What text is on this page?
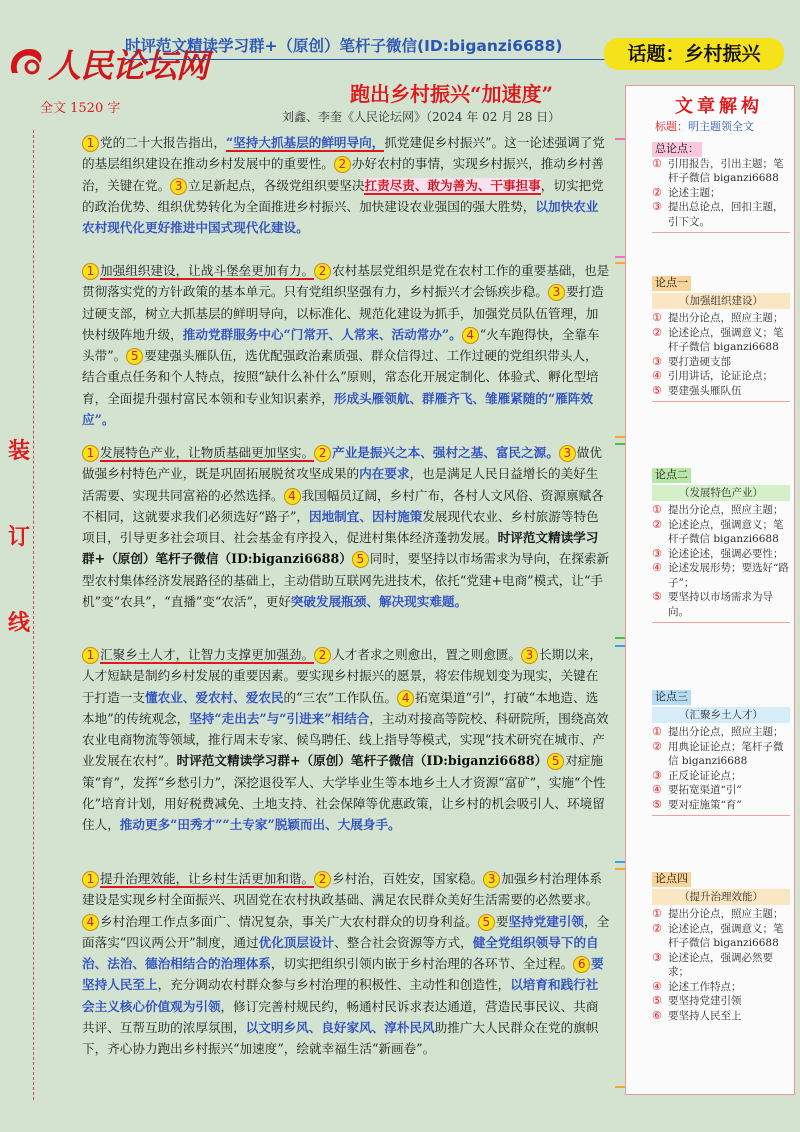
人民论坛网
时评范文精读学习群+（原创）笔杆子微信(ID:biganzi6688)	话题：乡村振兴
全文 1520 字
跑出乡村振兴“加速度”
刘鑫、李奎《人民论坛网》（2024 年 02 月 28 日）
装
订
线

1 党的二十大报告指出，“坚持大抓基层的鲜明导向，抓党建促乡村振兴”。这一论述强调了党的基层组织建设在推动乡村发展中的重要性。 2 办好农村的事情，实现乡村振兴，推动乡村善治，关键在党。 3 立足新起点，各级党组织要坚决扛责尽责、敢为善为、干事担事，切实把党的政治优势、组织优势转化为全面推进乡村振兴、加快建设农业强国的强大胜势，以加快农业农村现代化更好推进中国式现代化建设。

1 加强组织建设，让战斗堡垒更加有力。 2 农村基层党组织是党在农村工作的重要基础，也是贯彻落实党的方针政策的基本单元。只有党组织坚强有力，乡村振兴才会铄疾步稳。 3 要打造过硬支部，树立大抓基层的鲜明导向，以标准化、规范化建设为抓手，加强党员队伍管理，加快村级阵地升级，推动党群服务中心“门常开、人常来、活动常办”。 4 “火车跑得快，全靠车头带”。 5 要建强头雁队伍，选优配强政治素质强、群众信得过、工作过硬的党组织带头人，结合重点任务和个人特点，按照“缺什么补什么”原则，常态化开展定制化、体验式、孵化型培育，全面提升强村富民本领和专业知识素养，形成头雁领航、群雁齐飞、雏雁紧随的“雁阵效应”。

1 发展特色产业，让物质基础更加坚实。 2 产业是振兴之本、强村之基、富民之源。 3 做优做强乡村特色产业，既是巩固拓展脱贫攻坚成果的内在要求，也是满足人民日益增长的美好生活需要、实现共同富裕的必然选择。 4 我国幅员辽阔，乡村广布，各村人文风俗、资源禀赋各不相同，这就要求我们必须选好“路子”，因地制宜、因村施策发展现代农业、乡村旅游等特色项目，引导更多社会项目、社会基金有序投入，促进村集体经济蓬勃发展。时评范文精读学习群+（原创）笔杆子微信（ID:biganzi6688） 5 同时，要坚持以市场需求为导向，在探索新型农村集体经济发展路径的基础上，主动借助互联网先进技术，依托“党建+电商”模式，让“手机”变“农具”，“直播”变“农活”，更好突破发展瓶颈、解决现实难题。

1 汇聚乡土人才，让智力支撑更加强劲。 2 人才者求之则愈出，置之则愈匮。 3 长期以来，人才短缺是制约乡村发展的重要因素。要实现乡村振兴的愿景，将宏伟规划变为现实，关键在于打造一支懂农业、爱农村、爱农民的“三农”工作队伍。 4 拓宽渠道“引”，打破“本地造、选本地”的传统观念，坚持“走出去”与“引进来”相结合，主动对接高等院校、科研院所，围绕高效农业电商物流等领域，推行周末专家、候鸟聘任、线上指导等模式，实现“技术研究在城市、产业发展在农村”。时评范文精读学习群+（原创）笔杆子微信（ID:biganzi6688） 5 对症施策“育”，发挥“乡愁引力”，深挖退役军人、大学毕业生等本地乡土人才资源“富矿”，实施“个性化”培育计划，用好税费减免、土地支持、社会保障等优惠政策，让乡村的机会吸引人、环境留住人，推动更多“田秀才”“土专家”脱颖而出、大展身手。

1 提升治理效能，让乡村生活更加和谐。 2 乡村治，百姓安，国家稳。 3 加强乡村治理体系建设是实现乡村全面振兴、巩固党在农村执政基础、满足农民群众美好生活需要的必然要求。4 乡村治理工作点多面广、情况复杂，事关广大农村群众的切身利益。 5 要坚持党建引领，全面落实“四议两公开”制度，通过优化顶层设计、整合社会资源等方式，健全党组织领导下的自治、法治、德治相结合的治理体系，切实把组织引领内嵌于乡村治理的各环节、全过程。 6 要坚持人民至上，充分调动农村群众参与乡村治理的积极性、主动性和创造性，以培育和践行社会主义核心价值观为引领，修订完善村规民约，畅通村民诉求表达通道，营造民事民议、共商共评、互帮互助的浓厚氛围，以文明乡风、良好家风、淳朴民风助推广大人民群众在党的旗帜下，齐心协力跑出乡村振兴“加速度”，绘就幸福生活“新画卷”。

文章解构
标题：明主题领全文
总论点：
① 引用报告，引出主题；笔杆子微信 biganzi6688
② 论述主题；
③ 提出总论点，回扣主题，引下文。
论点一
（加强组织建设）
① 提出分论点，照应主题；
② 论述论点，强调意义；笔杆子微信 biganzi6688
③ 要打造硬支部
④ 引用讲话，论证论点；
⑤ 要建强头雁队伍
论点二
（发展特色产业）
① 提出分论点，照应主题；
② 论述论点，强调意义；笔杆子微信 biganzi6688
③ 论述论述，强调必要性；
④ 论述发展形势；要选好“路子”；
⑤ 要坚持以市场需求为导向。
论点三
（汇聚乡土人才）
① 提出分论点，照应主题；
② 用典论证论点；笔杆子微信 biganzi6688
③ 正反论证论点；
④ 要拓宽渠道“引”
⑤ 要对症施策“育”
论点四
（提升治理效能）
① 提出分论点，照应主题；
② 论述论点，强调意义；笔杆子微信 biganzi6688
③ 论述论点，强调必然要求；
④ 论述工作特点；
⑤ 要坚持党建引领
⑥ 要坚持人民至上
